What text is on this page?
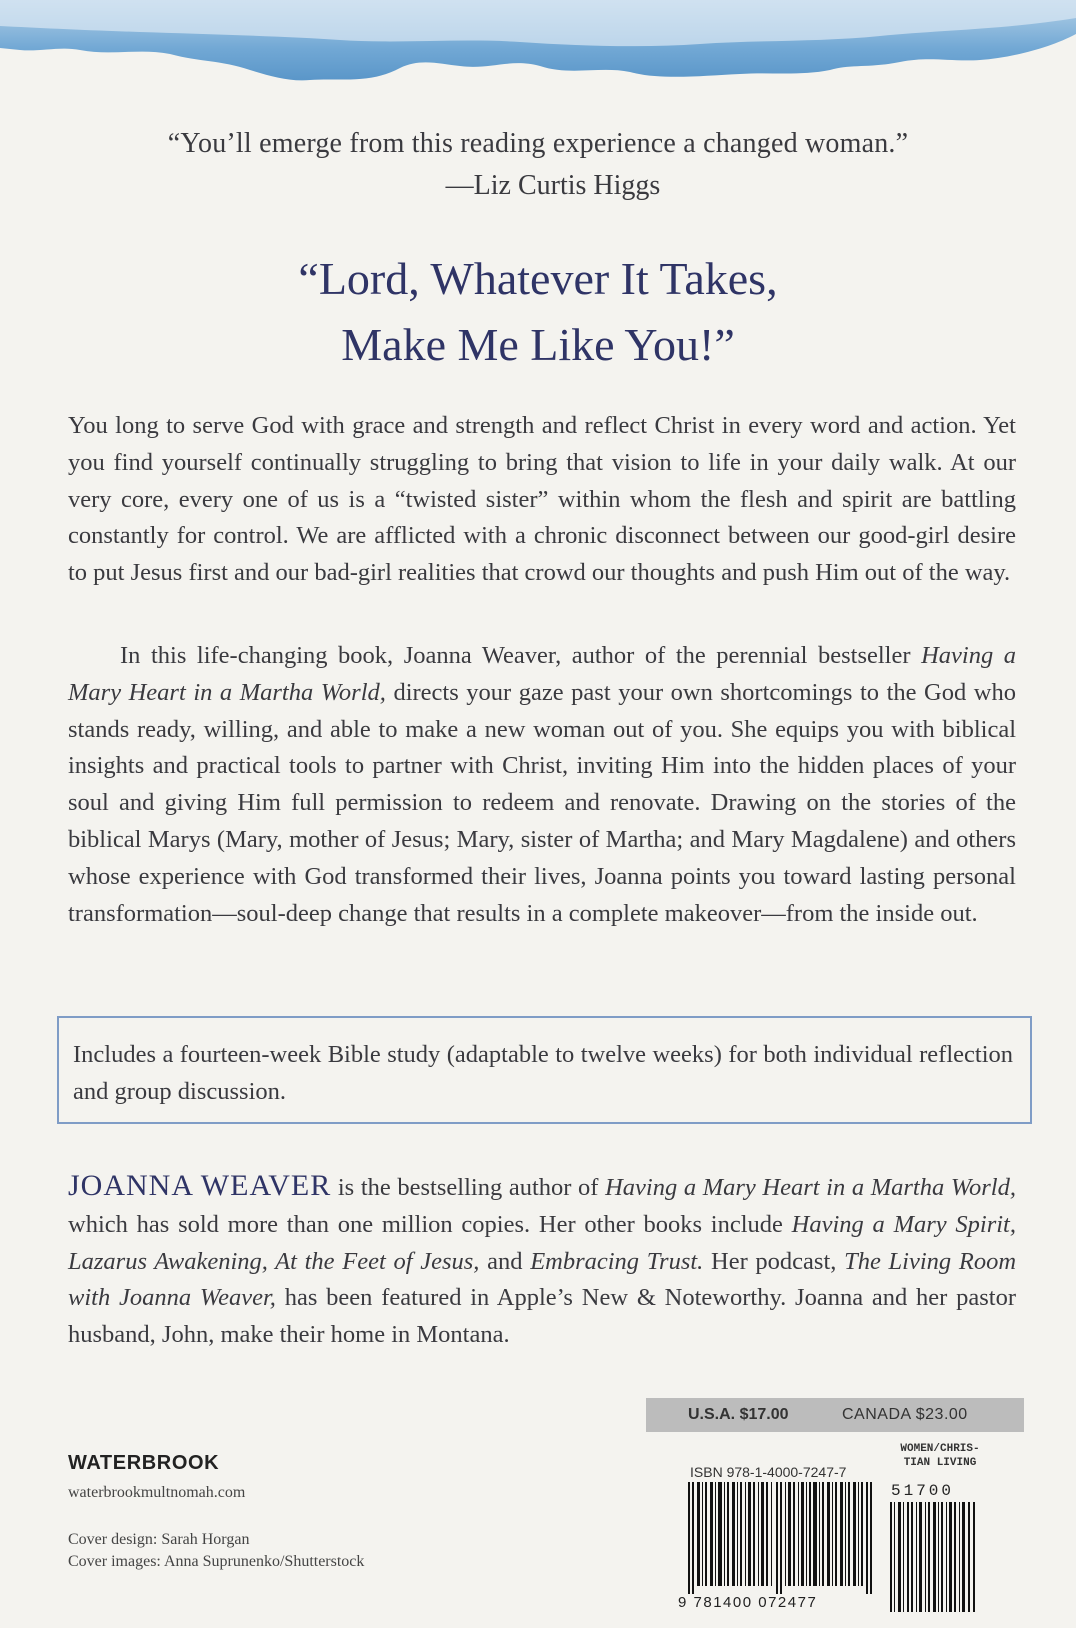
“You’ll emerge from this reading experience a changed woman.”
—Liz Curtis Higgs
“Lord, Whatever It Takes,
Make Me Like You!”

You long to serve God with grace and strength and reflect Christ in every word and action. Yet you find yourself continually struggling to bring that vision to life in your daily walk. At our very core, every one of us is a “twisted sister” within whom the flesh and spirit are battling constantly for control. We are afflicted with a chronic disconnect between our good-girl desire to put Jesus first and our bad-girl realities that crowd our thoughts and push Him out of the way.

In this life-changing book, Joanna Weaver, author of the perennial bestseller Having a Mary Heart in a Martha World, directs your gaze past your own shortcomings to the God who stands ready, willing, and able to make a new woman out of you. She equips you with biblical insights and practical tools to partner with Christ, inviting Him into the hidden places of your soul and giving Him full permission to redeem and renovate. Drawing on the stories of the biblical Marys (Mary, mother of Jesus; Mary, sister of Martha; and Mary Magdalene) and others whose experience with God transformed their lives, Joanna points you toward lasting personal transformation—soul-deep change that results in a complete makeover—from the inside out.

Includes a fourteen-week Bible study (adaptable to twelve weeks) for both individual reflection and group discussion.

JOANNA WEAVER is the bestselling author of Having a Mary Heart in a Martha World, which has sold more than one million copies. Her other books include Having a Mary Spirit, Lazarus Awakening, At the Feet of Jesus, and Embracing Trust. Her podcast, The Living Room with Joanna Weaver, has been featured in Apple’s New & Noteworthy. Joanna and her pastor husband, John, make their home in Montana.

U.S.A. $17.00	CANADA $23.00
WATERBROOK
waterbrookmultnomah.com
Cover design: Sarah Horgan
Cover images: Anna Suprunenko/Shutterstock
WOMEN/CHRIS-
TIAN LIVING
ISBN 978-1-4000-7247-7
9 781400 072477
51700
